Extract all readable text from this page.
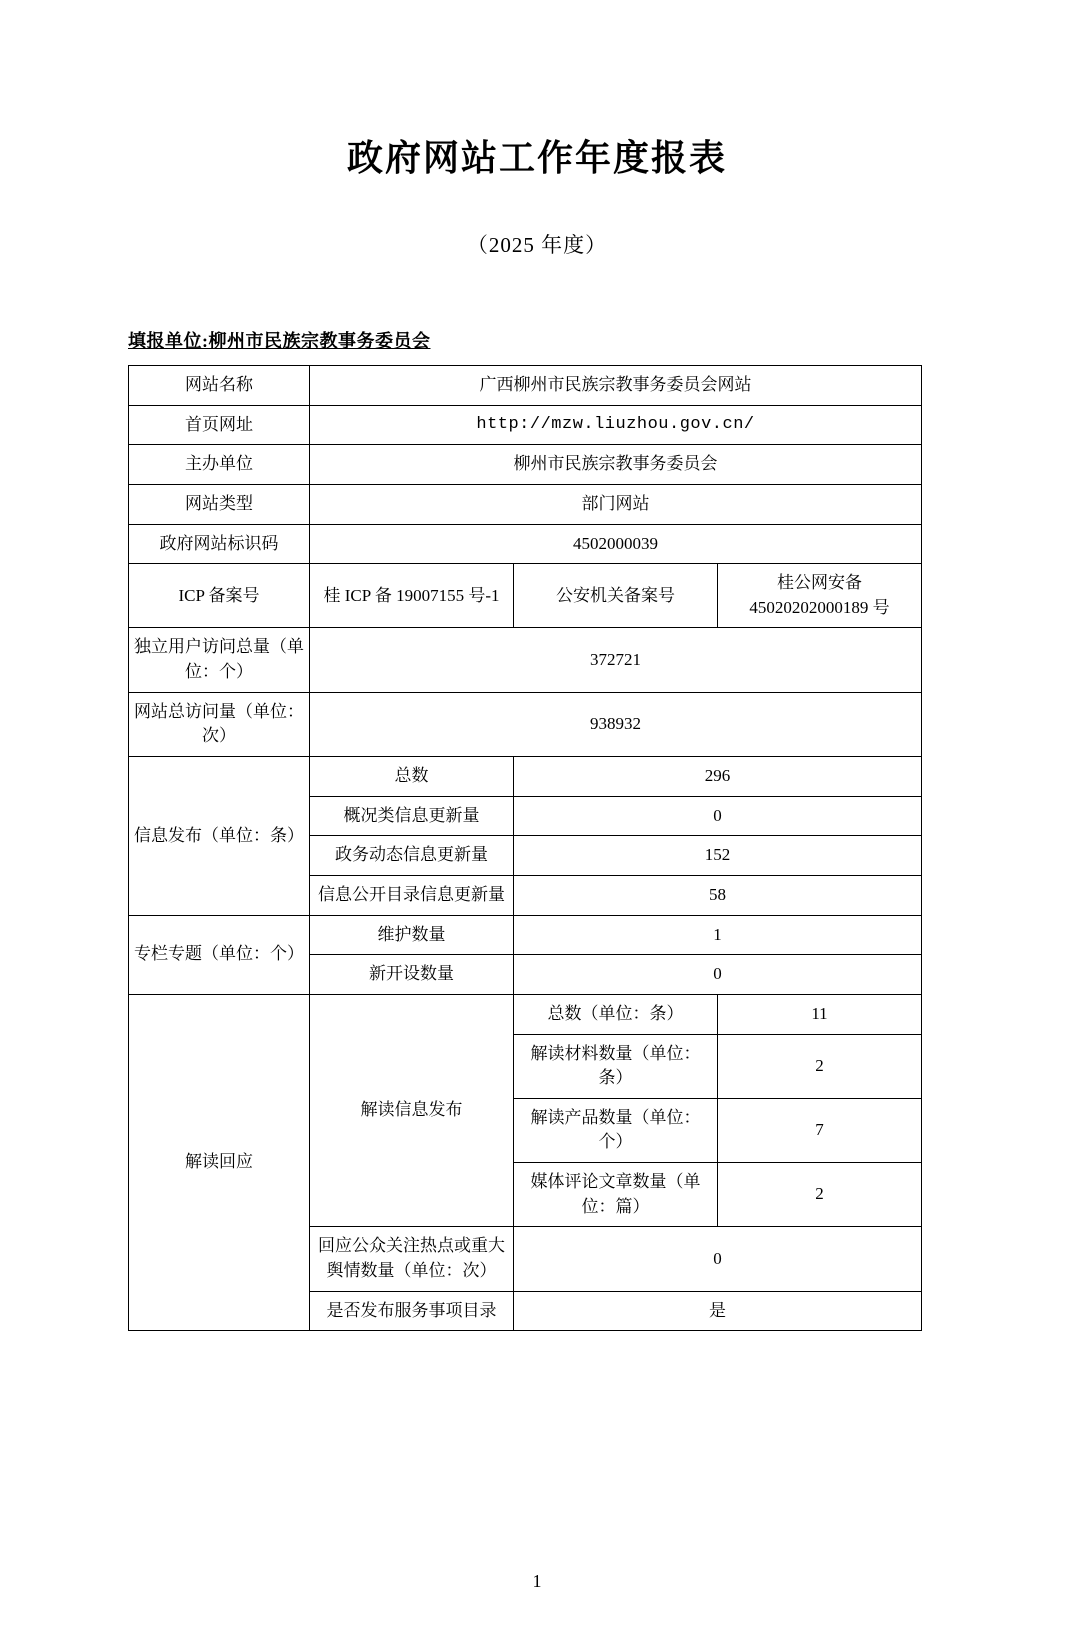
政府网站工作年度报表
（2025 年度）
填报单位:柳州市民族宗教事务委员会
网站名称	广西柳州市民族宗教事务委员会网站		
首页网址	http://mzw.liuzhou.gov.cn/		
主办单位	柳州市民族宗教事务委员会		
网站类型	部门网站		
政府网站标识码	4502000039		
ICP 备案号	桂 ICP 备 19007155 号-1	公安机关备案号	桂公网安备 45020202000189 号
独立用户访问总量（单位：个）	372721		
网站总访问量（单位：次）	938932		
信息发布（单位：条）	总数	296	
	概况类信息更新量	0	
	政务动态信息更新量	152	
	信息公开目录信息更新量	58	
专栏专题（单位：个）	维护数量	1	
	新开设数量	0	
解读回应	解读信息发布	总数（单位：条）	11
		解读材料数量（单位：条）	2
		解读产品数量（单位：个）	7
		媒体评论文章数量（单位：篇）	2
	回应公众关注热点或重大舆情数量（单位：次）	0	
	是否发布服务事项目录	是	
1
